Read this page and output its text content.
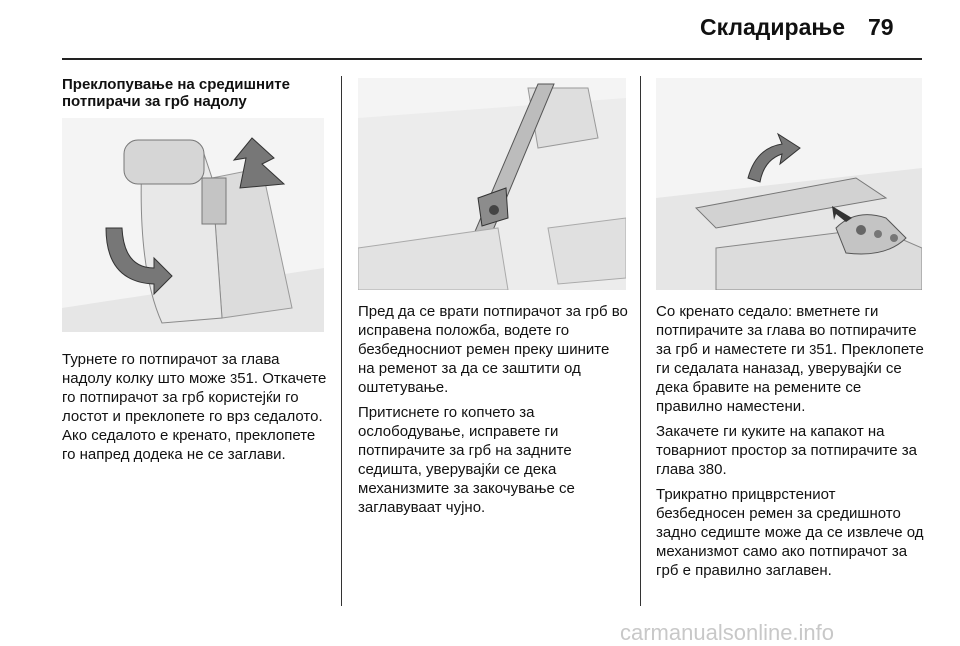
Складирање 79
Преклопување на средишните потпирачи за грб надолу

Турнете го потпирачот за глава надолу колку што може 351. Откачете го потпирачот за грб користејќи го лостот и преклопете го врз седалото. Ако седалото е кренато, преклопете го напред додека не се заглави.

Пред да се врати потпирачот за грб во исправена положба, водете го безбедносниот ремен преку шините на ременот за да се заштити од оштетување.

Притиснете го копчето за ослободување, исправете ги потпирачите за грб на задните седишта, уверувајќи се дека механизмите за закочување се заглавуваат чујно.

Со кренато седало: вметнете ги потпирачите за глава во потпирачите за грб и наместете ги 351. Преклопете ги седалата наназад, уверувајќи се дека бравите на ремените се правилно наместени.

Закачете ги куките на капакот на товарниот простор за потпирачите за глава 380.

Трикратно прицврстениот безбедносен ремен за средишното задно седиште може да се извлече од механизмот само ако потпирачот за грб е правилно заглавен.

carmanualsonline.info
